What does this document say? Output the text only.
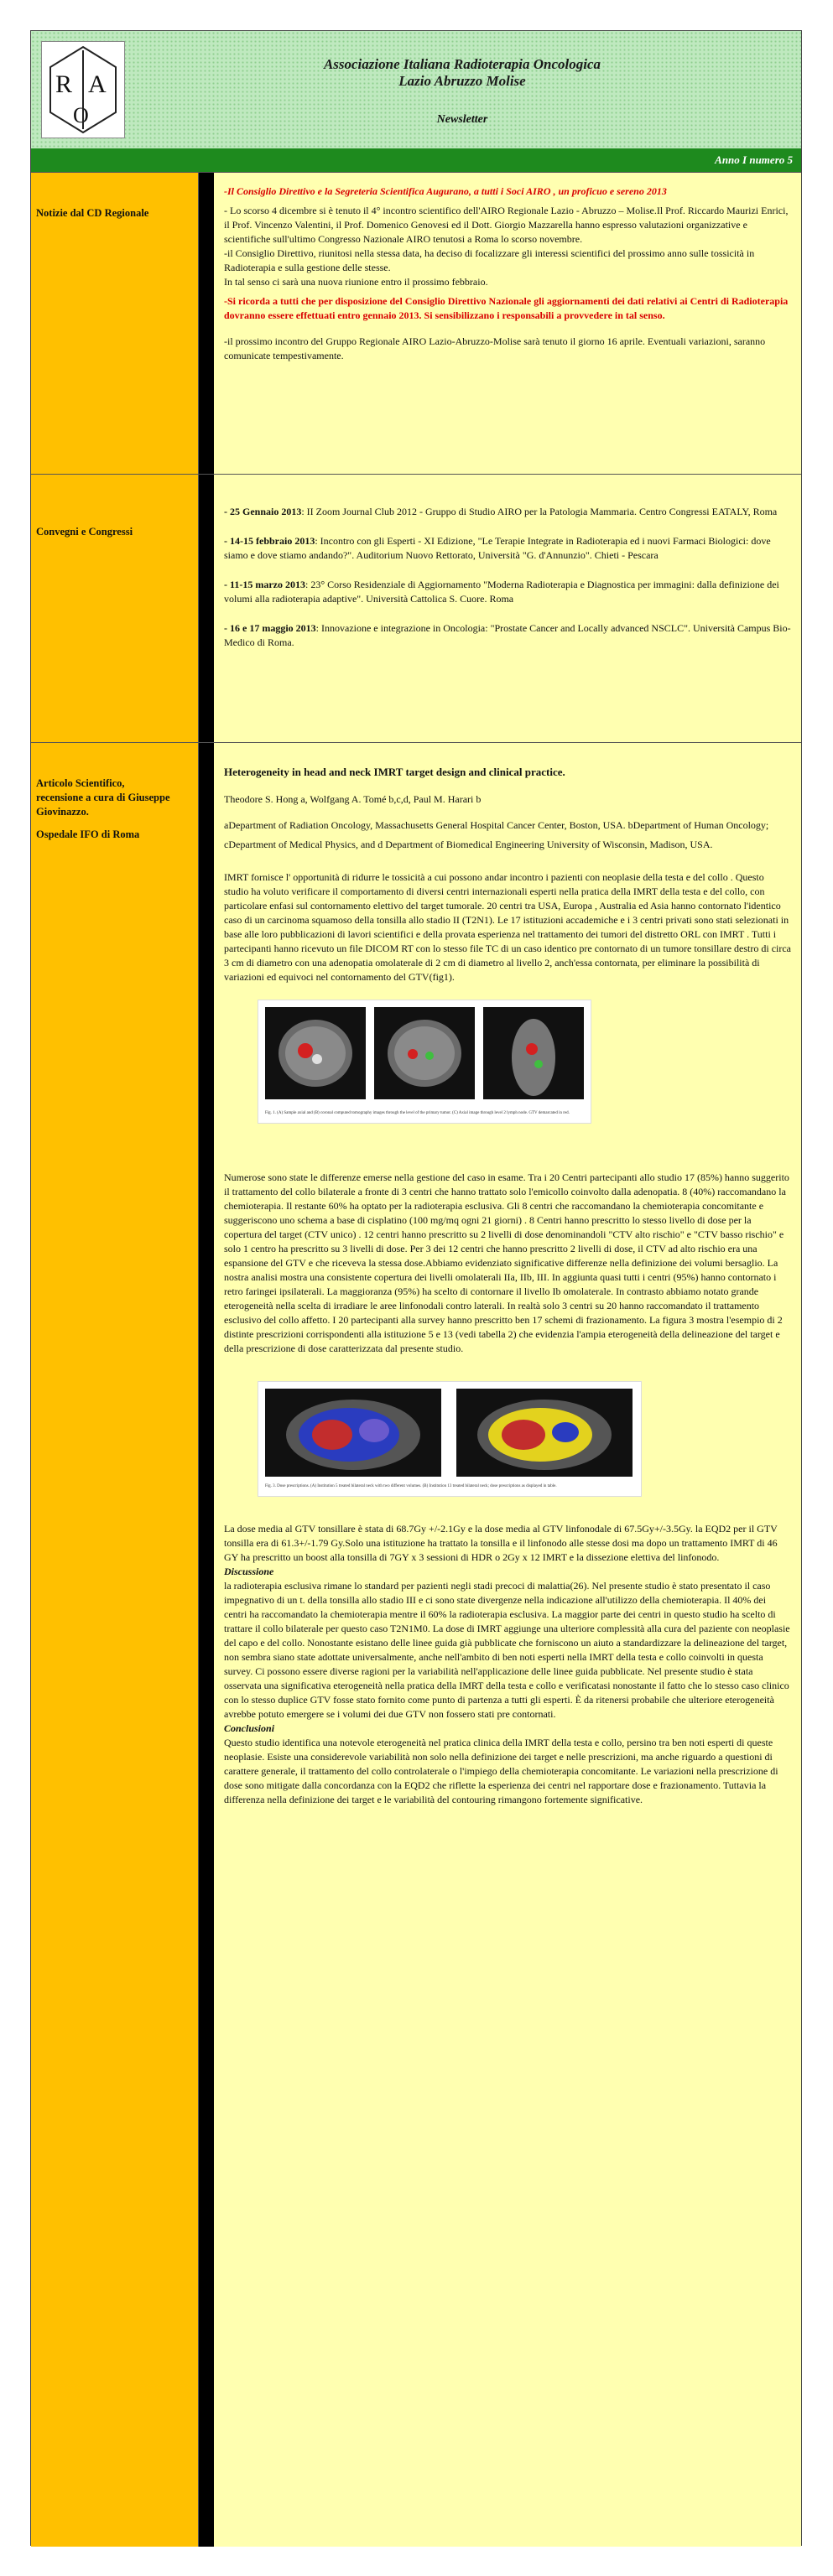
R A
O
Associazione Italiana Radioterapia Oncologica
Lazio Abruzzo Molise
Newsletter
Anno I numero 5
Notizie dal CD Regionale

-Il Consiglio Direttivo e la Segreteria Scientifica Augurano, a tutti i Soci AIRO , un proficuo e sereno 2013

- Lo scorso 4 dicembre si è tenuto il 4° incontro scientifico dell'AIRO Regionale Lazio - Abruzzo – Molise.Il Prof. Riccardo Maurizi Enrici, il Prof. Vincenzo Valentini, il Prof. Domenico Genovesi ed il Dott. Giorgio Mazzarella hanno espresso valutazioni organizzative e scientifiche sull'ultimo Congresso Nazionale AIRO tenutosi a Roma lo scorso novembre.

-il Consiglio Direttivo, riunitosi nella stessa data, ha deciso di focalizzare gli interessi scientifici del prossimo anno sulle tossicità in Radioterapia e sulla gestione delle stesse.

In tal senso ci sarà una nuova riunione entro il prossimo febbraio.

-Si ricorda a tutti che per disposizione del Consiglio Direttivo Nazionale gli aggiornamenti dei dati relativi ai Centri di Radioterapia dovranno essere effettuati entro gennaio 2013. Si sensibilizzano i responsabili a provvedere in tal senso.

-il prossimo incontro del Gruppo Regionale AIRO Lazio-Abruzzo-Molise sarà tenuto il giorno 16 aprile. Eventuali variazioni, saranno comunicate tempestivamente.

Convegni e Congressi

- 25 Gennaio 2013: II Zoom Journal Club 2012 - Gruppo di Studio AIRO per la Patologia Mammaria. Centro Congressi EATALY, Roma

- 14-15 febbraio 2013: Incontro con gli Esperti - XI Edizione, "Le Terapie Integrate in Radioterapia ed i nuovi Farmaci Biologici: dove siamo e dove stiamo andando?". Auditorium Nuovo Rettorato, Università "G. d'Annunzio". Chieti - Pescara

- 11-15 marzo 2013: 23° Corso Residenziale di Aggiornamento "Moderna Radioterapia e Diagnostica per immagini: dalla definizione dei volumi alla radioterapia adaptive". Università Cattolica S. Cuore. Roma

- 16 e 17 maggio 2013: Innovazione e integrazione in Oncologia: "Prostate Cancer and Locally advanced NSCLC". Università Campus Bio-Medico di Roma.

Articolo Scientifico,
recensione a cura di Giuseppe Giovinazzo.
Ospedale IFO di Roma

Heterogeneity in head and neck IMRT target design and clinical practice.

Theodore S. Hong a, Wolfgang A. Tomé b,c,d, Paul M. Harari b

aDepartment of Radiation Oncology, Massachusetts General Hospital Cancer Center, Boston, USA. bDepartment of Human Oncology;

cDepartment of Medical Physics, and d Department of Biomedical Engineering University of Wisconsin, Madison, USA.

IMRT fornisce l' opportunità di ridurre le tossicità a cui possono andar incontro i pazienti con neoplasie della testa e del collo . Questo studio ha voluto verificare il comportamento di diversi centri internazionali esperti nella pratica della IMRT della testa e del collo, con particolare enfasi sul contornamento elettivo del target tumorale. 20 centri tra USA, Europa , Australia ed Asia hanno contornato l'identico caso di un carcinoma squamoso della tonsilla allo stadio II (T2N1). Le 17 istituzioni accademiche e i 3 centri privati sono stati selezionati in base alle loro pubblicazioni di lavori scientifici e della provata esperienza nel trattamento dei tumori del distretto ORL con IMRT . Tutti i partecipanti hanno ricevuto un file DICOM RT con lo stesso file TC di un caso identico pre contornato di un tumore tonsillare destro di circa 3 cm di diametro con una adenopatia omolaterale di 2 cm di diametro al livello 2, anch'essa contornata, per eliminare la possibilità di variazioni ed equivoci nel contornamento del GTV(fig1).

Fig. 1. (A) Sample axial and (B) coronal computed tomography images through the level of the primary tumor. (C) Axial image through level 2 lymph node. GTV demarcated in red.

Numerose sono state le differenze emerse nella gestione del caso in esame. Tra i 20 Centri partecipanti allo studio 17 (85%) hanno suggerito il trattamento del collo bilaterale a fronte di 3 centri che hanno trattato solo l'emicollo coinvolto dalla adenopatia. 8 (40%) raccomandano la chemioterapia. Il restante 60% ha optato per la radioterapia esclusiva. Gli 8 centri che raccomandano la chemioterapia concomitante e suggeriscono uno schema a base di cisplatino (100 mg/mq ogni 21 giorni) . 8 Centri hanno prescritto lo stesso livello di dose per la copertura del target (CTV unico) . 12 centri hanno prescritto su 2 livelli di dose denominandoli "CTV alto rischio" e "CTV basso rischio" e solo 1 centro ha prescritto su 3 livelli di dose. Per 3 dei 12 centri che hanno prescritto 2 livelli di dose, il CTV ad alto rischio era una espansione del GTV e che riceveva la stessa dose.Abbiamo evidenziato significative differenze nella definizione dei volumi bersaglio. La nostra analisi mostra una consistente copertura dei livelli omolaterali IIa, IIb, III. In aggiunta quasi tutti i centri (95%) hanno contornato i retro faringei ipsilaterali. La maggioranza (95%) ha scelto di contornare il livello Ib omolaterale. In contrasto abbiamo notato grande eterogeneità nella scelta di irradiare le aree linfonodali contro laterali. In realtà solo 3 centri su 20 hanno raccomandato il trattamento esclusivo del collo affetto. I 20 partecipanti alla survey hanno prescritto ben 17 schemi di frazionamento. La figura 3 mostra l'esempio di 2 distinte prescrizioni corrispondenti alla istituzione 5 e 13 (vedi tabella 2) che evidenzia l'ampia eterogeneità della delineazione del target e della prescrizione di dose caratterizzata dal presente studio.

Fig. 3. Dose prescriptions. (A) Institution 5 treated bilateral neck with two different volumes. (B) Institution 13 treated bilateral neck; dose prescriptions as displayed in table.

La dose media al GTV tonsillare è stata di 68.7Gy +/-2.1Gy e la dose media al GTV linfonodale di 67.5Gy+/-3.5Gy. la EQD2 per il GTV tonsilla era di 61.3+/-1.79 Gy.Solo una istituzione ha trattato la tonsilla e il linfonodo alle stesse dosi ma dopo un trattamento IMRT di 46 GY ha prescritto un boost alla tonsilla di 7GY x 3 sessioni di HDR o 2Gy x 12 IMRT e la dissezione elettiva del linfonodo.

Discussione

la radioterapia esclusiva rimane lo standard per pazienti negli stadi precoci di malattia(26). Nel presente studio è stato presentato il caso impegnativo di un t. della tonsilla allo stadio III e ci sono state divergenze nella indicazione all'utilizzo della chemioterapia. Il 40% dei centri ha raccomandato la chemioterapia mentre il 60% la radioterapia esclusiva. La maggior parte dei centri in questo studio ha scelto di trattare il collo bilaterale per questo caso T2N1M0. La dose di IMRT aggiunge una ulteriore complessità alla cura del paziente con neoplasie del capo e del collo. Nonostante esistano delle linee guida già pubblicate che forniscono un aiuto a standardizzare la delineazione del target, non sembra siano state adottate universalmente, anche nell'ambito di ben noti esperti nella IMRT della testa e collo coinvolti in questa survey. Ci possono essere diverse ragioni per la variabilità nell'applicazione delle linee guida pubblicate. Nel presente studio è stata osservata una significativa eterogeneità nella pratica della IMRT della testa e collo e verificatasi nonostante il fatto che lo stesso caso clinico con lo stesso duplice GTV fosse stato fornito come punto di partenza a tutti gli esperti. È da ritenersi probabile che ulteriore eterogeneità avrebbe potuto emergere se i volumi dei due GTV non fossero stati pre contornati.

Conclusioni

Questo studio identifica una notevole eterogeneità nel pratica clinica della IMRT della testa e collo, persino tra ben noti esperti di queste neoplasie. Esiste una considerevole variabilità non solo nella definizione dei target e nelle prescrizioni, ma anche riguardo a questioni di carattere generale, il trattamento del collo controlaterale o l'impiego della chemioterapia concomitante. Le variazioni nella prescrizione di dose sono mitigate dalla concordanza con la EQD2 che riflette la esperienza dei centri nel rapportare dose e frazionamento. Tuttavia la differenza nella definizione dei target e le variabilità del contouring rimangono fortemente significative.
